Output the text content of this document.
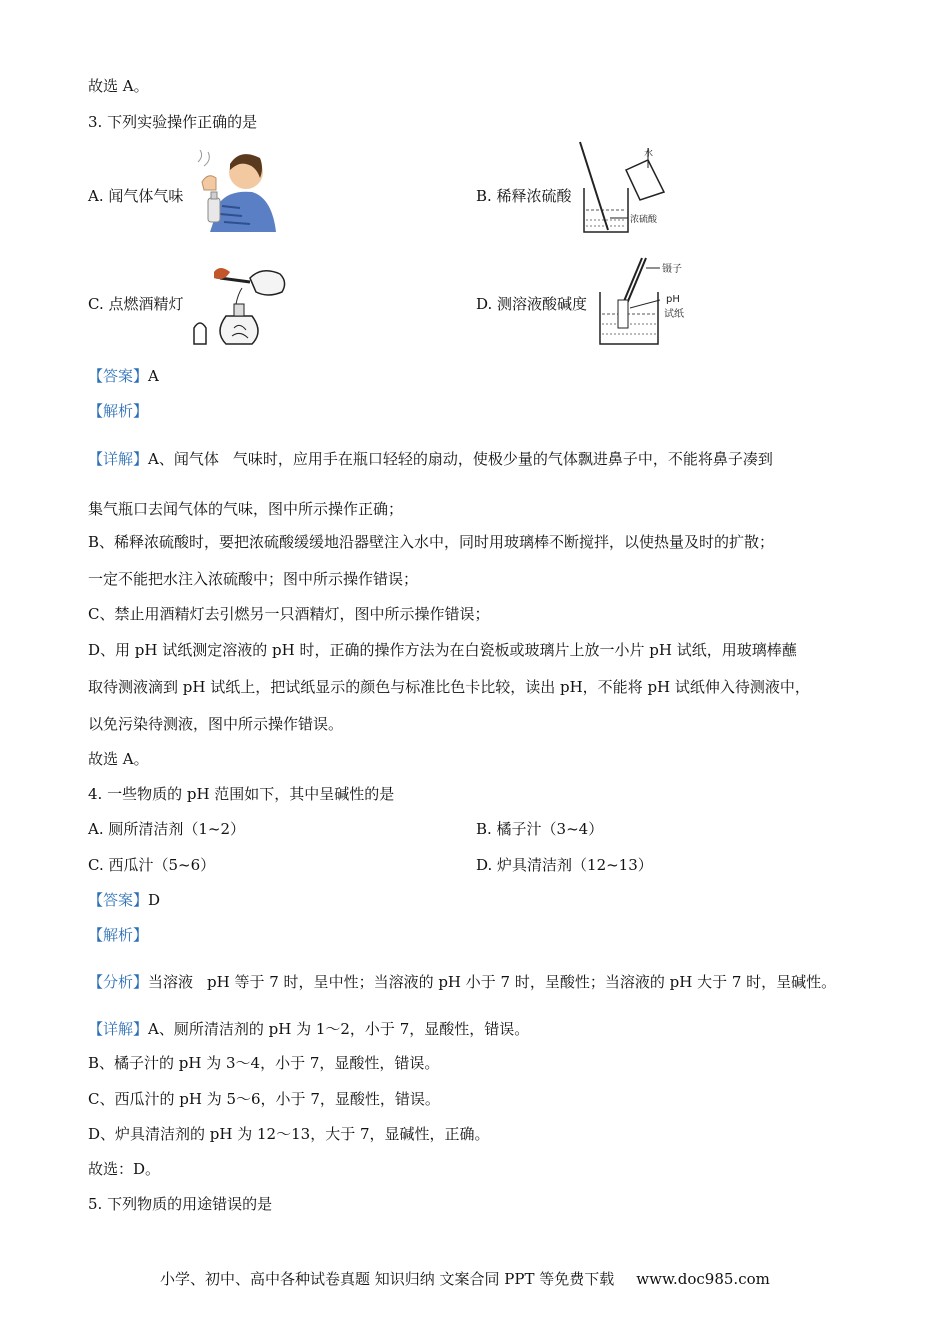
故选 A。
3. 下列实验操作正确的是
A. 闻气体气味	B. 稀释浓硫酸
C. 点燃酒精灯	D. 测溶液酸碱度
水
浓硫酸
镊子
pH
试纸
【答案】A
【解析】
【详解】A、闻气体 气味时，应用手在瓶口轻轻的扇动，使极少量的气体飘进鼻子中，不能将鼻子凑到
集气瓶口去闻气体的气味，图中所示操作正确；
B、稀释浓硫酸时，要把浓硫酸缓缓地沿器壁注入水中，同时用玻璃棒不断搅拌，以使热量及时的扩散；
一定不能把水注入浓硫酸中；图中所示操作错误；
C、禁止用酒精灯去引燃另一只酒精灯，图中所示操作错误；
D、用 pH 试纸测定溶液的 pH 时，正确的操作方法为在白瓷板或玻璃片上放一小片 pH 试纸，用玻璃棒蘸
取待测液滴到 pH 试纸上，把试纸显示的颜色与标准比色卡比较，读出 pH，不能将 pH 试纸伸入待测液中，
以免污染待测液，图中所示操作错误。
故选 A。
4. 一些物质的 pH 范围如下，其中呈碱性的是
A. 厕所清洁剂（1~2）	B. 橘子汁（3~4）
C. 西瓜汁（5~6）	D. 炉具清洁剂（12~13）
【答案】D
【解析】
【分析】当溶液 pH 等于 7 时，呈中性；当溶液的 pH 小于 7 时，呈酸性；当溶液的 pH 大于 7 时，呈碱性。
【详解】A、厕所清洁剂的 pH 为 1～2，小于 7，显酸性，错误。
B、橘子汁的 pH 为 3～4，小于 7，显酸性，错误。
C、西瓜汁的 pH 为 5～6，小于 7，显酸性，错误。
D、炉具清洁剂的 pH 为 12～13，大于 7，显碱性，正确。
故选：D。
5. 下列物质的用途错误的是
小学、初中、高中各种试卷真题 知识归纳 文案合同 PPT 等免费下载 www.doc985.com
